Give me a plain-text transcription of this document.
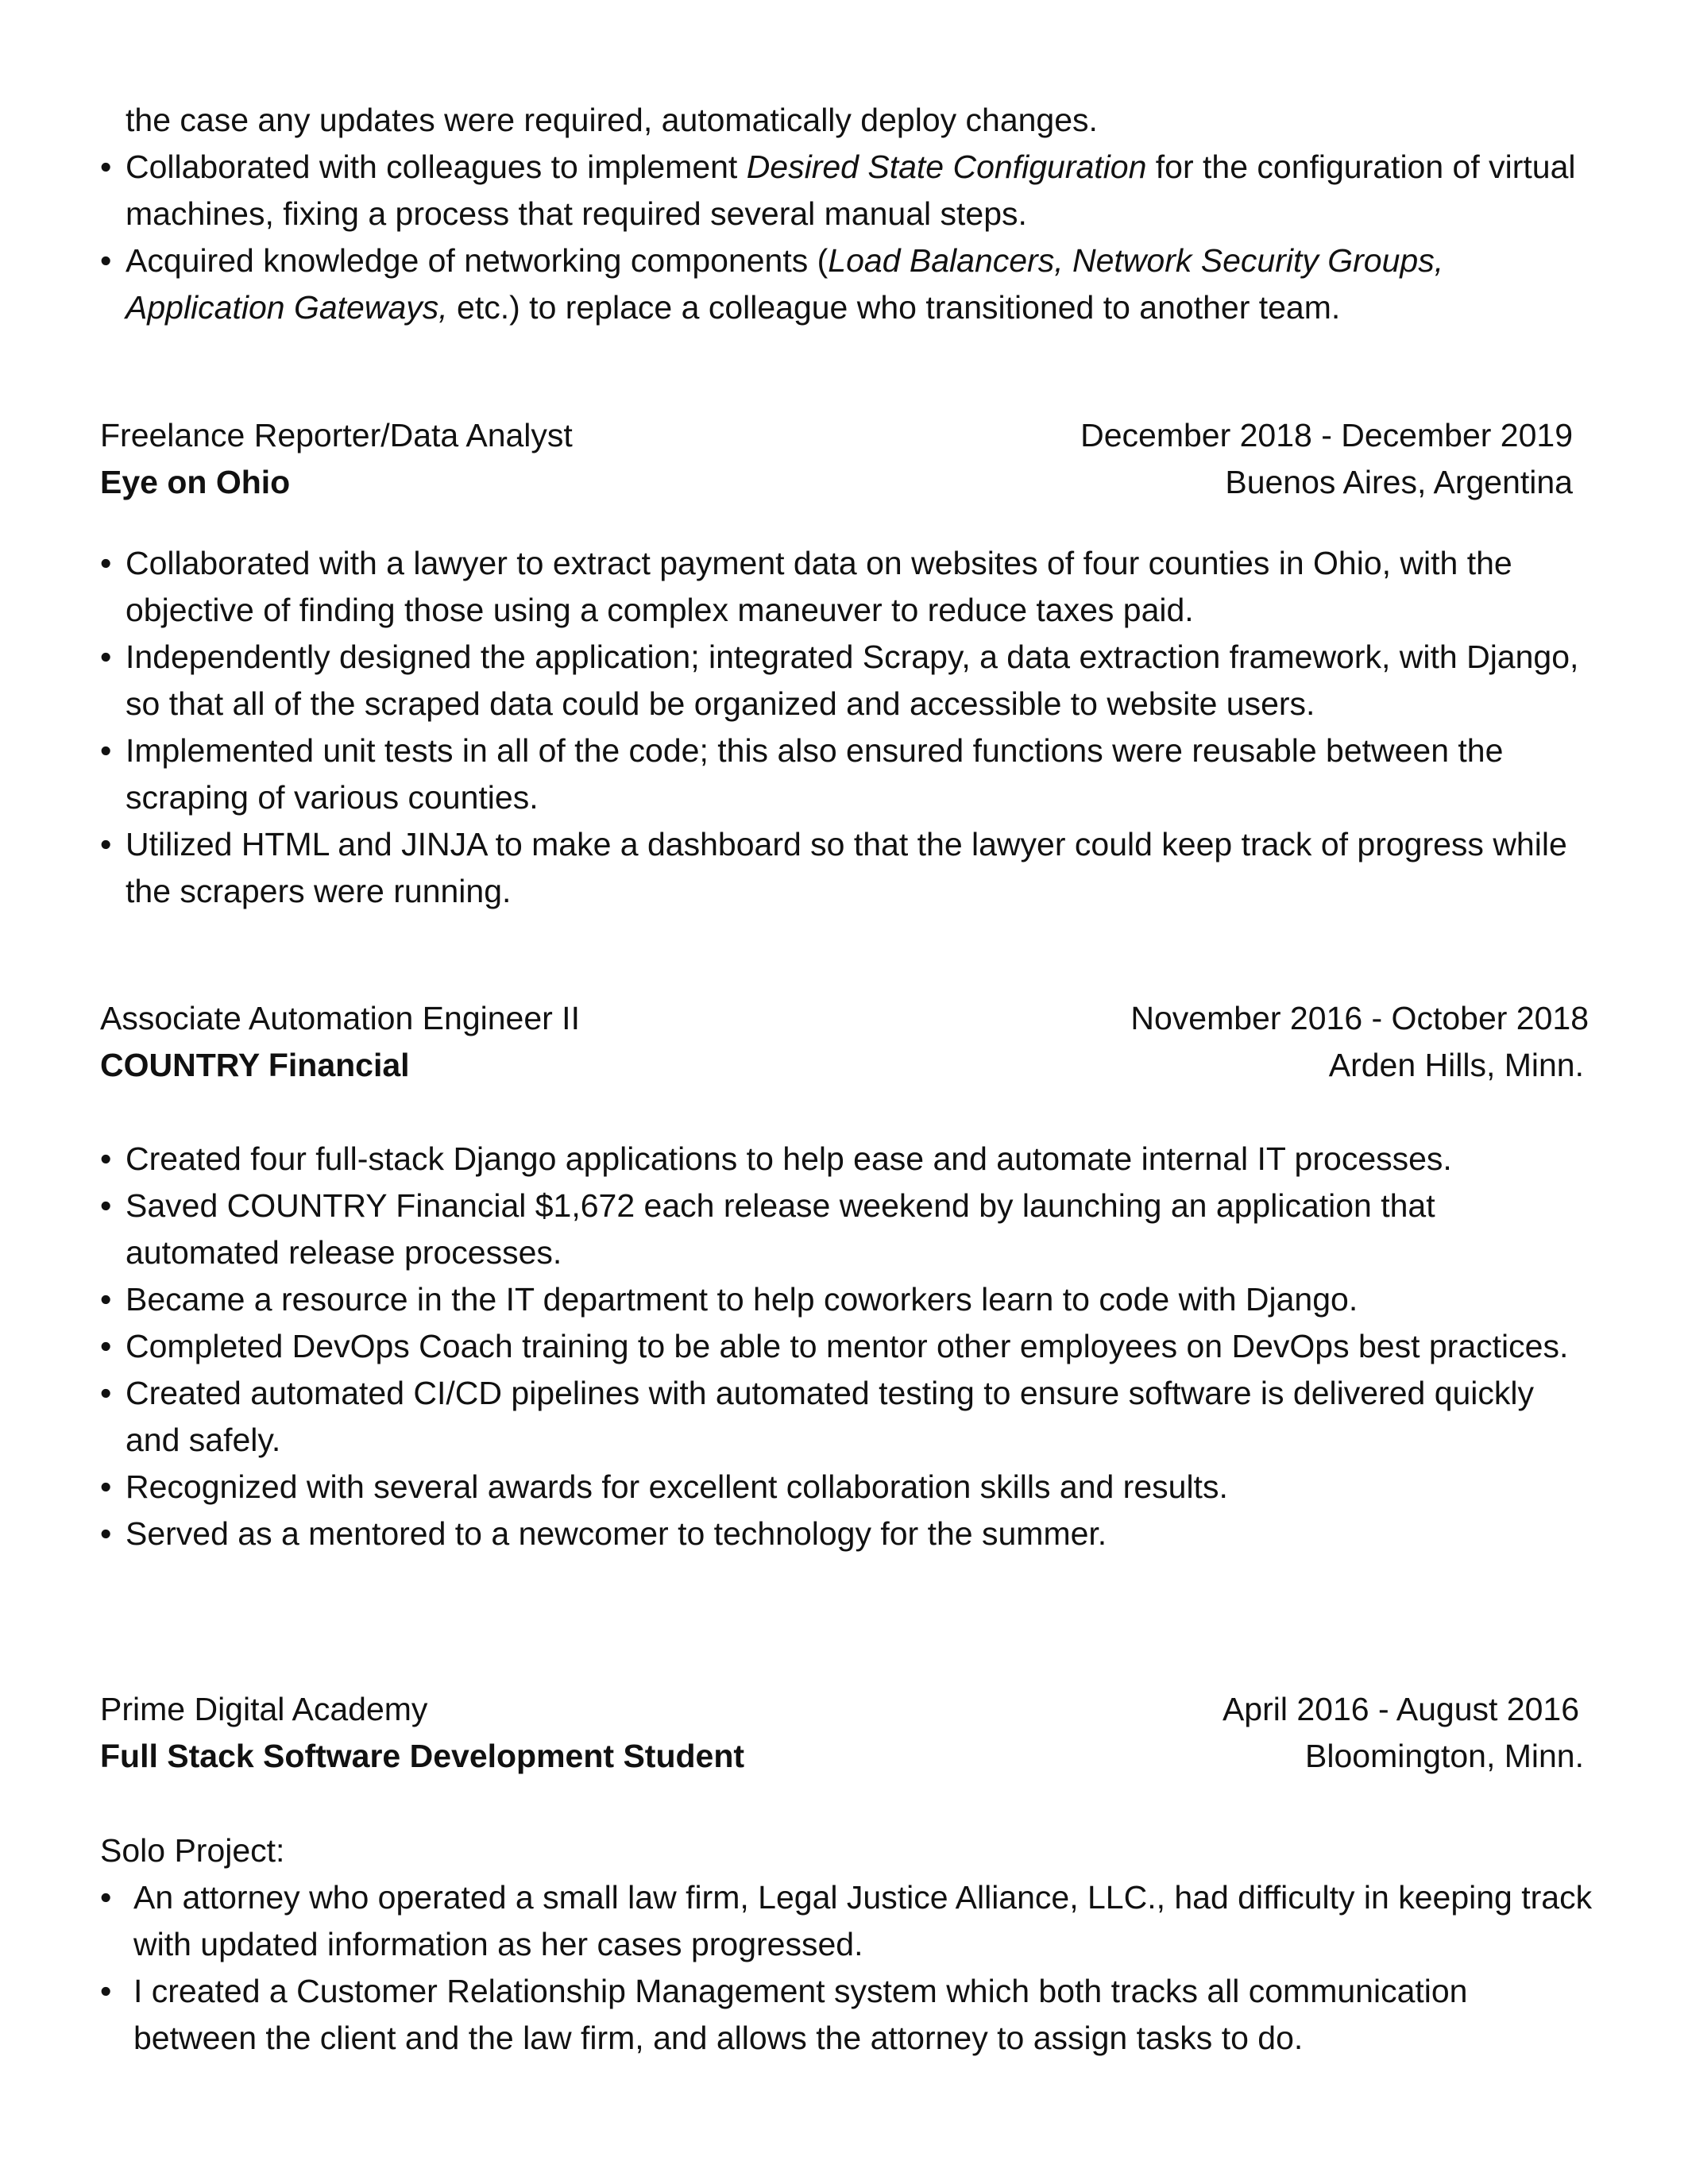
the case any updates were required, automatically deploy changes.

• Collaborated with colleagues to implement Desired State Configuration for the configuration of virtual machines, fixing a process that required several manual steps.
• Acquired knowledge of networking components (Load Balancers, Network Security Groups, Application Gateways, etc.) to replace a colleague who transitioned to another team.
Freelance Reporter/Data Analyst	December 2018 - December 2019
Eye on Ohio	Buenos Aires, Argentina
• Collaborated with a lawyer to extract payment data on websites of four counties in Ohio, with the objective of finding those using a complex maneuver to reduce taxes paid.
• Independently designed the application; integrated Scrapy, a data extraction framework, with Django, so that all of the scraped data could be organized and accessible to website users.
• Implemented unit tests in all of the code; this also ensured functions were reusable between the scraping of various counties.
• Utilized HTML and JINJA to make a dashboard so that the lawyer could keep track of progress while the scrapers were running.
Associate Automation Engineer II	November 2016 - October 2018
COUNTRY Financial	Arden Hills, Minn.
• Created four full-stack Django applications to help ease and automate internal IT processes.
• Saved COUNTRY Financial $1,672 each release weekend by launching an application that automated release processes.
• Became a resource in the IT department to help coworkers learn to code with Django.
• Completed DevOps Coach training to be able to mentor other employees on DevOps best practices.
• Created automated CI/CD pipelines with automated testing to ensure software is delivered quickly and safely.
• Recognized with several awards for excellent collaboration skills and results.
• Served as a mentored to a newcomer to technology for the summer.
Prime Digital Academy	April 2016 - August 2016
Full Stack Software Development Student	Bloomington, Minn.

Solo Project:

• An attorney who operated a small law firm, Legal Justice Alliance, LLC., had difficulty in keeping track with updated information as her cases progressed.
• I created a Customer Relationship Management system which both tracks all communication between the client and the law firm, and allows the attorney to assign tasks to do.
